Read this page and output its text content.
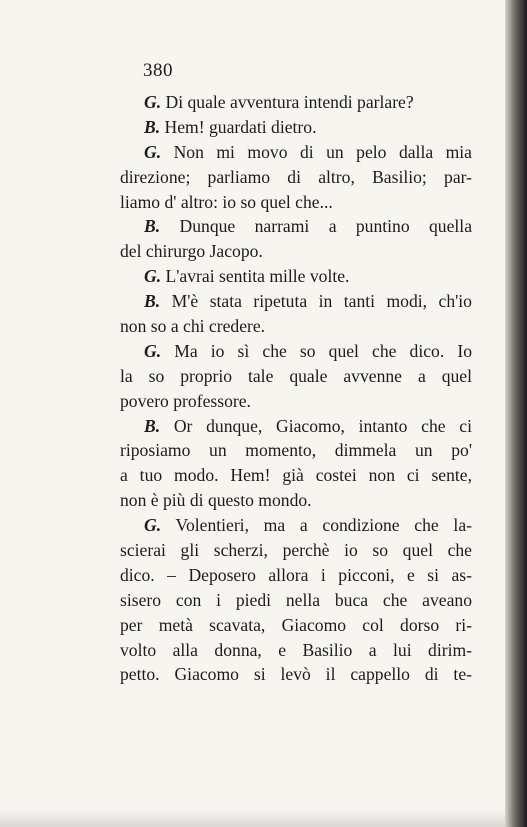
380
G. Di quale avventura intendi parlare?
B. Hem! guardati dietro.
G. Non mi movo di un pelo dalla mia
direzione; parliamo di altro, Basilio; par-
liamo d' altro: io so quel che...
B. Dunque narrami a puntino quella
del chirurgo Jacopo.
G. L'avrai sentita mille volte.
B. M'è stata ripetuta in tanti modi, ch'io
non so a chi credere.
G. Ma io sì che so quel che dico. Io
la so proprio tale quale avvenne a quel
povero professore.
B. Or dunque, Giacomo, intanto che ci
riposiamo un momento, dimmela un po'
a tuo modo. Hem! già costei non ci sente,
non è più di questo mondo.
G. Volentieri, ma a condizione che la-
scierai gli scherzi, perchè io so quel che
dico. – Deposero allora i picconi, e si as-
sisero con i piedi nella buca che aveano
per metà scavata, Giacomo col dorso ri-
volto alla donna, e Basilio a lui dirim-
petto. Giacomo si levò il cappello di te-
